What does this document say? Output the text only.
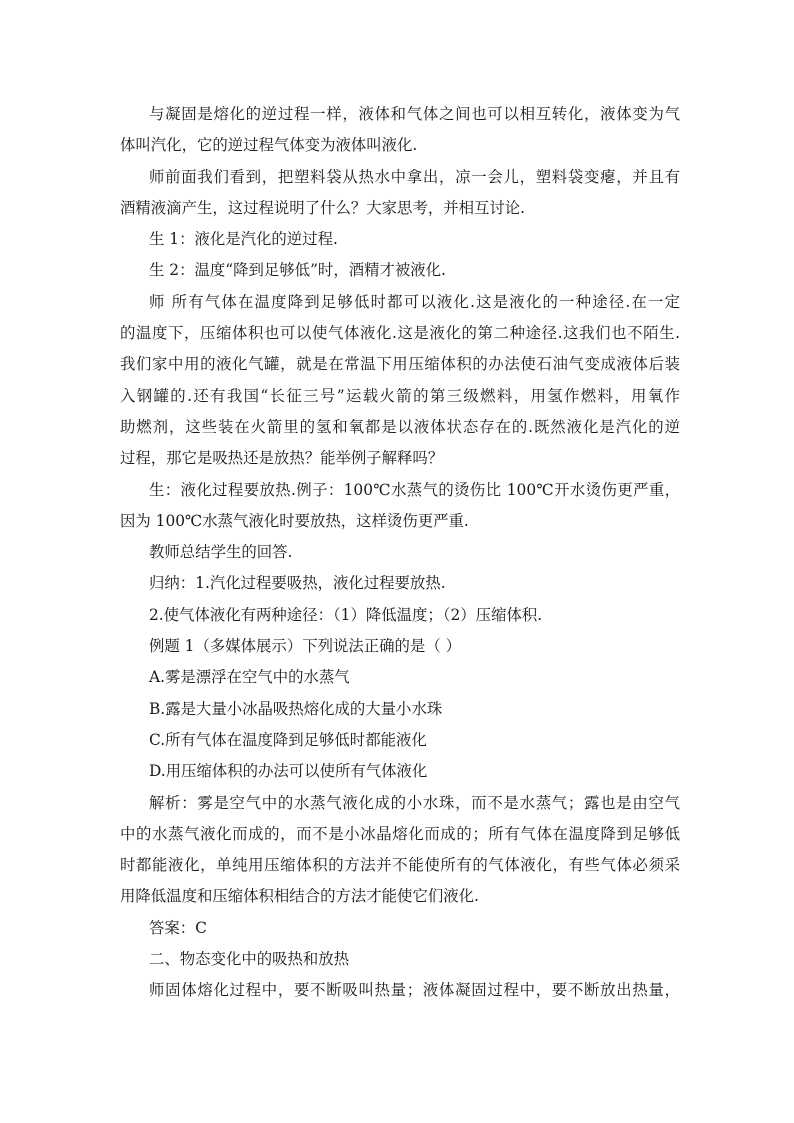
与凝固是熔化的逆过程一样，液体和气体之间也可以相互转化，液体变为气
体叫汽化，它的逆过程气体变为液体叫液化.
师前面我们看到，把塑料袋从热水中拿出，凉一会儿，塑料袋变瘪，并且有
酒精液滴产生，这过程说明了什么？大家思考，并相互讨论.
生 1：液化是汽化的逆过程.
生 2：温度“降到足够低”时，酒精才被液化.
师 所有气体在温度降到足够低时都可以液化.这是液化的一种途径.在一定
的温度下，压缩体积也可以使气体液化.这是液化的第二种途径.这我们也不陌生.
我们家中用的液化气罐，就是在常温下用压缩体积的办法使石油气变成液体后装
入钢罐的.还有我国“长征三号”运载火箭的第三级燃料，用氢作燃料，用氧作
助燃剂，这些装在火箭里的氢和氧都是以液体状态存在的.既然液化是汽化的逆
过程，那它是吸热还是放热？能举例子解释吗？
生：液化过程要放热.例子：100℃水蒸气的烫伤比 100℃开水烫伤更严重，
因为 100℃水蒸气液化时要放热，这样烫伤更严重.
教师总结学生的回答.
归纳：1.汽化过程要吸热，液化过程要放热.
2.使气体液化有两种途径：（1）降低温度；（2）压缩体积.
例题 1（多媒体展示）下列说法正确的是（ ）
A.雾是漂浮在空气中的水蒸气
B.露是大量小冰晶吸热熔化成的大量小水珠
C.所有气体在温度降到足够低时都能液化
D.用压缩体积的办法可以使所有气体液化
解析：雾是空气中的水蒸气液化成的小水珠，而不是水蒸气；露也是由空气
中的水蒸气液化而成的，而不是小冰晶熔化而成的；所有气体在温度降到足够低
时都能液化，单纯用压缩体积的方法并不能使所有的气体液化，有些气体必须采
用降低温度和压缩体积相结合的方法才能使它们液化.
答案：C
二、物态变化中的吸热和放热
师固体熔化过程中，要不断吸叫热量；液体凝固过程中，要不断放出热量，
